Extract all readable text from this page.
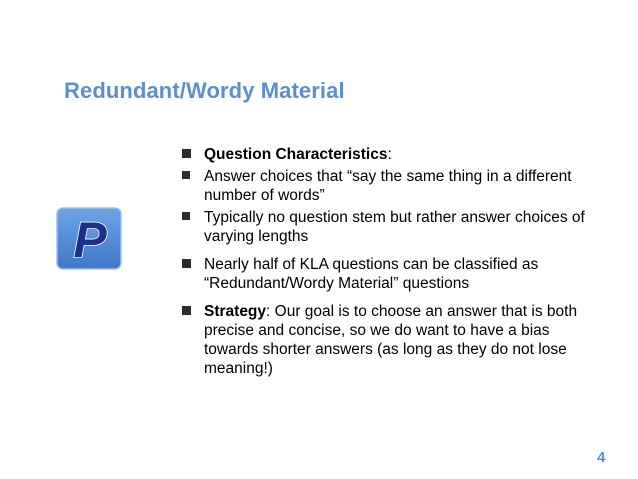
Redundant/Wordy Material
P
Question Characteristics:
Answer choices that “say the same thing in a different number of words”
Typically no question stem but rather answer choices of varying lengths
Nearly half of KLA questions can be classified as “Redundant/Wordy Material” questions
Strategy: Our goal is to choose an answer that is both precise and concise, so we do want to have a bias towards shorter answers (as long as they do not lose meaning!)
4
